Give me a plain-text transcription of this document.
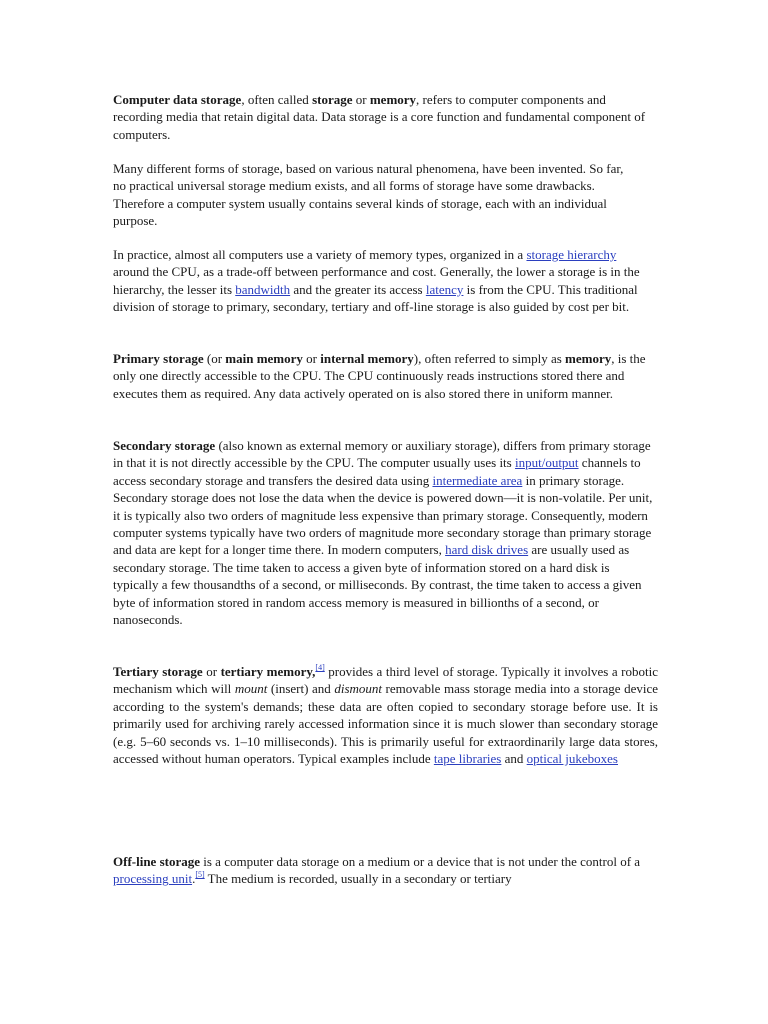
Computer data storage, often called storage or memory, refers to computer components and recording media that retain digital data. Data storage is a core function and fundamental component of computers.

Many different forms of storage, based on various natural phenomena, have been invented. So far, no practical universal storage medium exists, and all forms of storage have some drawbacks. Therefore a computer system usually contains several kinds of storage, each with an individual purpose.

In practice, almost all computers use a variety of memory types, organized in a storage hierarchy around the CPU, as a trade-off between performance and cost. Generally, the lower a storage is in the hierarchy, the lesser its bandwidth and the greater its access latency is from the CPU. This traditional division of storage to primary, secondary, tertiary and off-line storage is also guided by cost per bit.

Primary storage (or main memory or internal memory), often referred to simply as memory, is the only one directly accessible to the CPU. The CPU continuously reads instructions stored there and executes them as required. Any data actively operated on is also stored there in uniform manner.

Secondary storage (also known as external memory or auxiliary storage), differs from primary storage in that it is not directly accessible by the CPU. The computer usually uses its input/output channels to access secondary storage and transfers the desired data using intermediate area in primary storage. Secondary storage does not lose the data when the device is powered down—it is non-volatile. Per unit, it is typically also two orders of magnitude less expensive than primary storage. Consequently, modern computer systems typically have two orders of magnitude more secondary storage than primary storage and data are kept for a longer time there. In modern computers, hard disk drives are usually used as secondary storage. The time taken to access a given byte of information stored on a hard disk is typically a few thousandths of a second, or milliseconds. By contrast, the time taken to access a given byte of information stored in random access memory is measured in billionths of a second, or nanoseconds.

Tertiary storage or tertiary memory,[4] provides a third level of storage. Typically it involves a robotic mechanism which will mount (insert) and dismount removable mass storage media into a storage device according to the system's demands; these data are often copied to secondary storage before use. It is primarily used for archiving rarely accessed information since it is much slower than secondary storage (e.g. 5–60 seconds vs. 1–10 milliseconds). This is primarily useful for extraordinarily large data stores, accessed without human operators. Typical examples include tape libraries and optical jukeboxes

Off-line storage is a computer data storage on a medium or a device that is not under the control of a processing unit.[5] The medium is recorded, usually in a secondary or tertiary
